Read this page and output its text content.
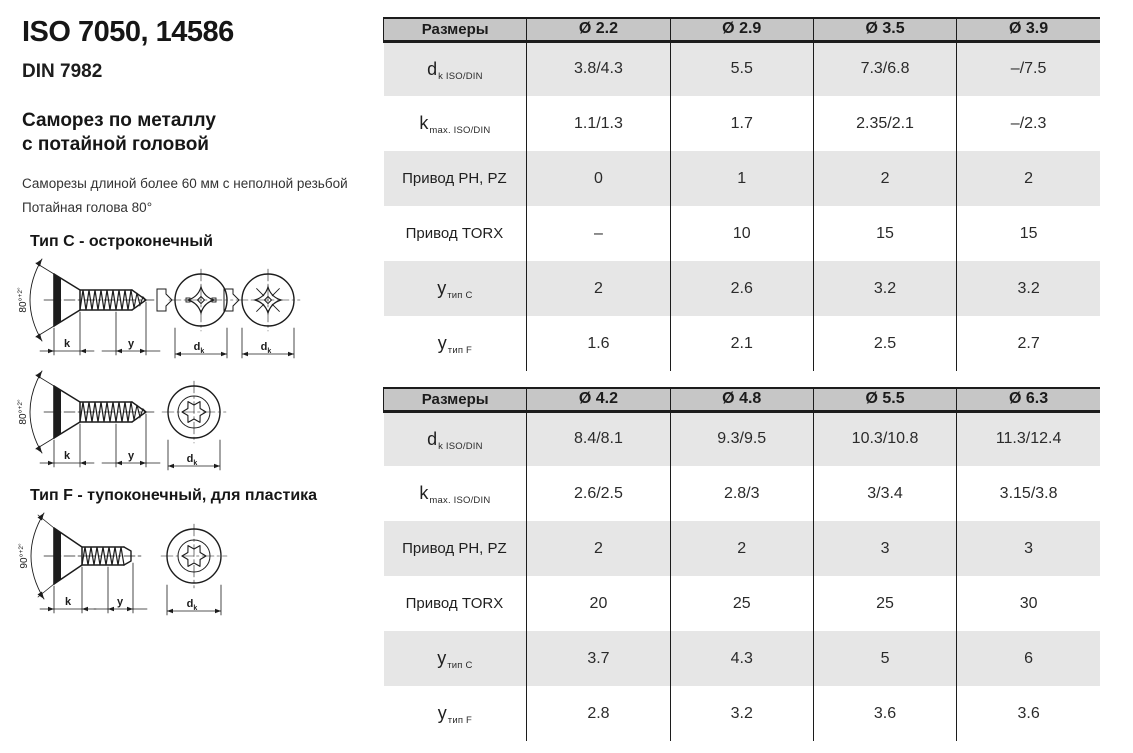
ISO 7050, 14586
DIN 7982
Саморез по металлу
с потайной головой
Саморезы длиной более 60 мм с неполной резьбой
Потайная голова 80°
Тип C - остроконечный
80°$^{+2^\circ}$
k	y	$d_k$	$d_k$
80°$^{+2^\circ}$
k	y	$d_k$
Тип F - тупоконечный, для пластика
90°$^{+2^\circ}$
k	y	$d_k$
Размеры	Ø 2.2	Ø 2.9	Ø 3.5	Ø 3.9
$d_{k ISO/DIN}$	3.8/4.3	5.5	7.3/6.8	–/7.5
$k_{max. ISO/DIN}$	1.1/1.3	1.7	2.35/2.1	–/2.3
Привод PH, PZ	0	1	2	2
Привод TORX	–	10	15	15
$y_{тип C}$	2	2.6	3.2	3.2
$y_{тип F}$	1.6	2.1	2.5	2.7
Размеры	Ø 4.2	Ø 4.8	Ø 5.5	Ø 6.3
$d_{k ISO/DIN}$	8.4/8.1	9.3/9.5	10.3/10.8	11.3/12.4
$k_{max. ISO/DIN}$	2.6/2.5	2.8/3	3/3.4	3.15/3.8
Привод PH, PZ	2	2	3	3
Привод TORX	20	25	25	30
$y_{тип C}$	3.7	4.3	5	6
$y_{тип F}$	2.8	3.2	3.6	3.6
